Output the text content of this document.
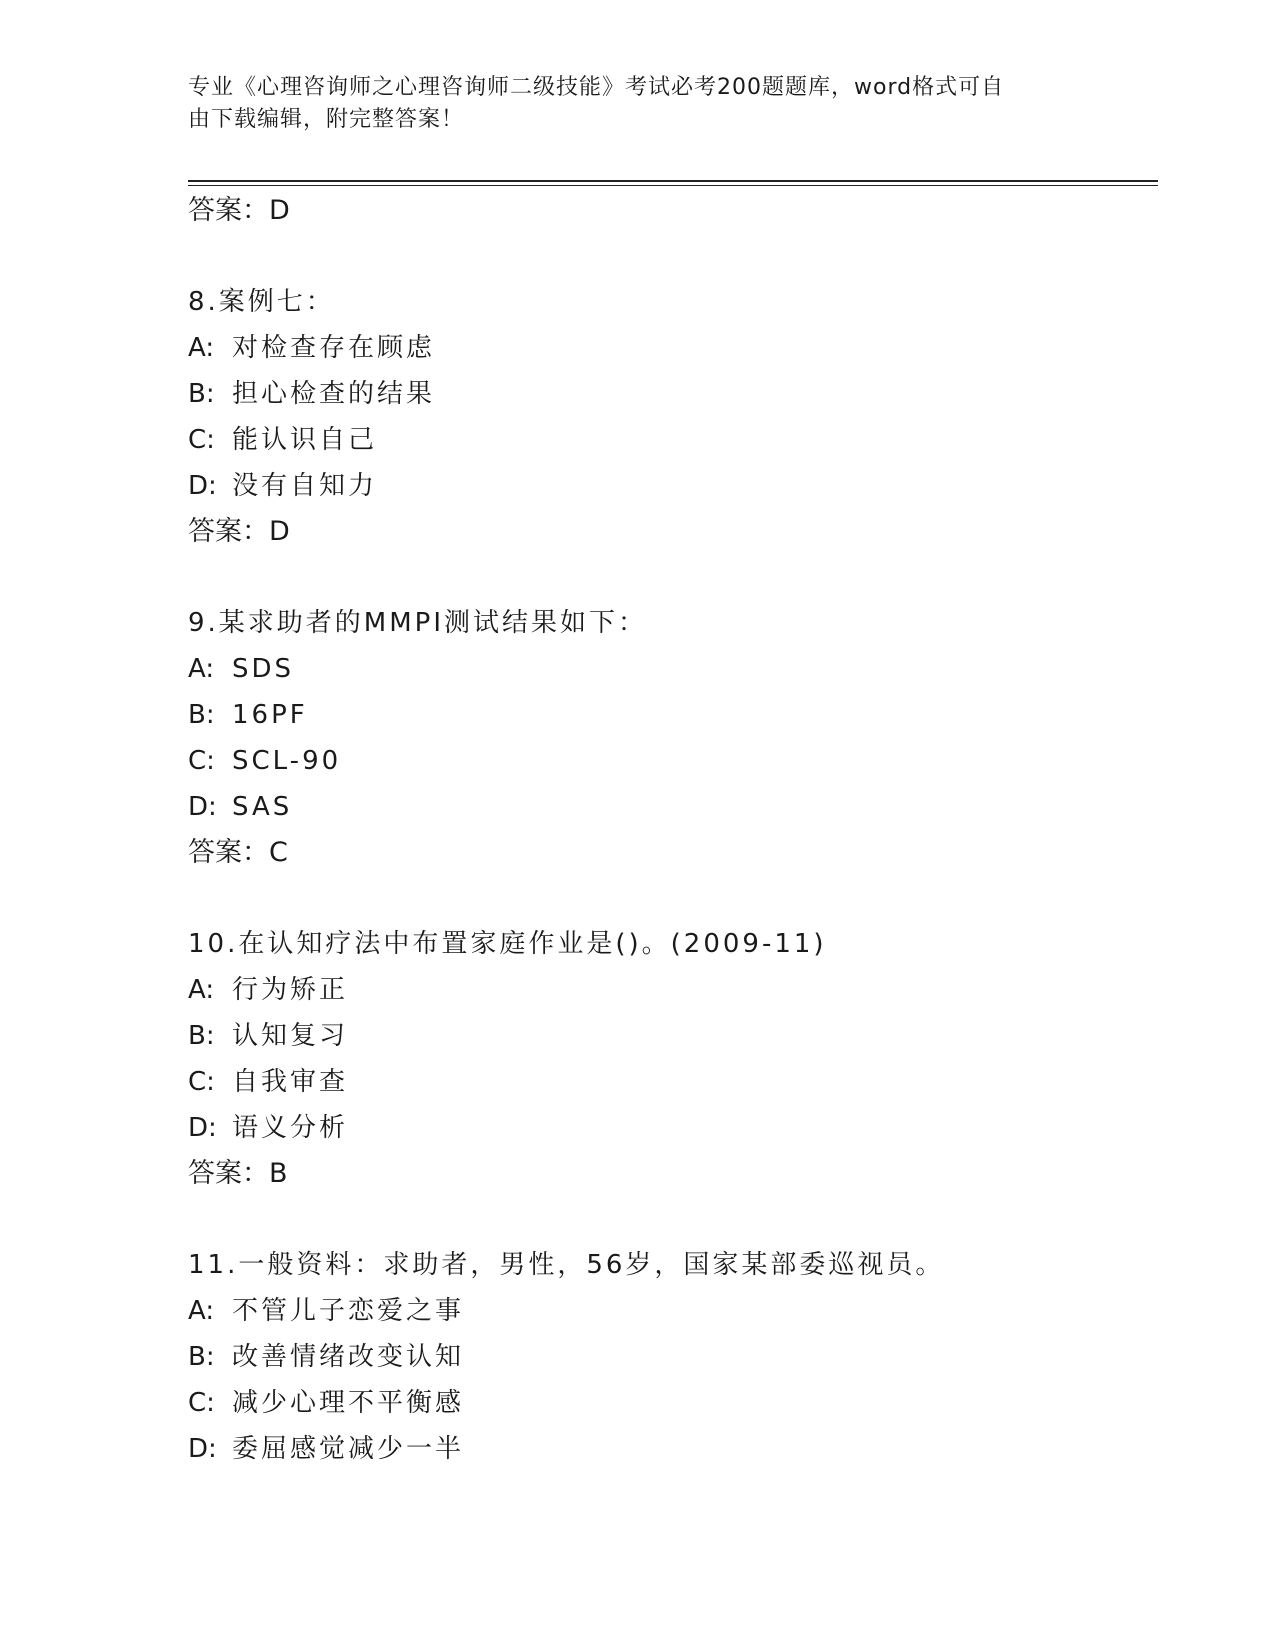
专业《心理咨询师之心理咨询师二级技能》考试必考200题题库，word格式可自
由下载编辑，附完整答案！
答案：D
8.案例七：
A: 对检查存在顾虑
B: 担心检查的结果
C: 能认识自己
D: 没有自知力
答案：D
9.某求助者的MMPI测试结果如下：
A: SDS
B: 16PF
C: SCL-90
D: SAS
答案：C
10.在认知疗法中布置家庭作业是()。(2009-11)
A: 行为矫正
B: 认知复习
C: 自我审查
D: 语义分析
答案：B
11.一般资料：求助者，男性，56岁，国家某部委巡视员。
A: 不管儿子恋爱之事
B: 改善情绪改变认知
C: 减少心理不平衡感
D: 委屈感觉减少一半
